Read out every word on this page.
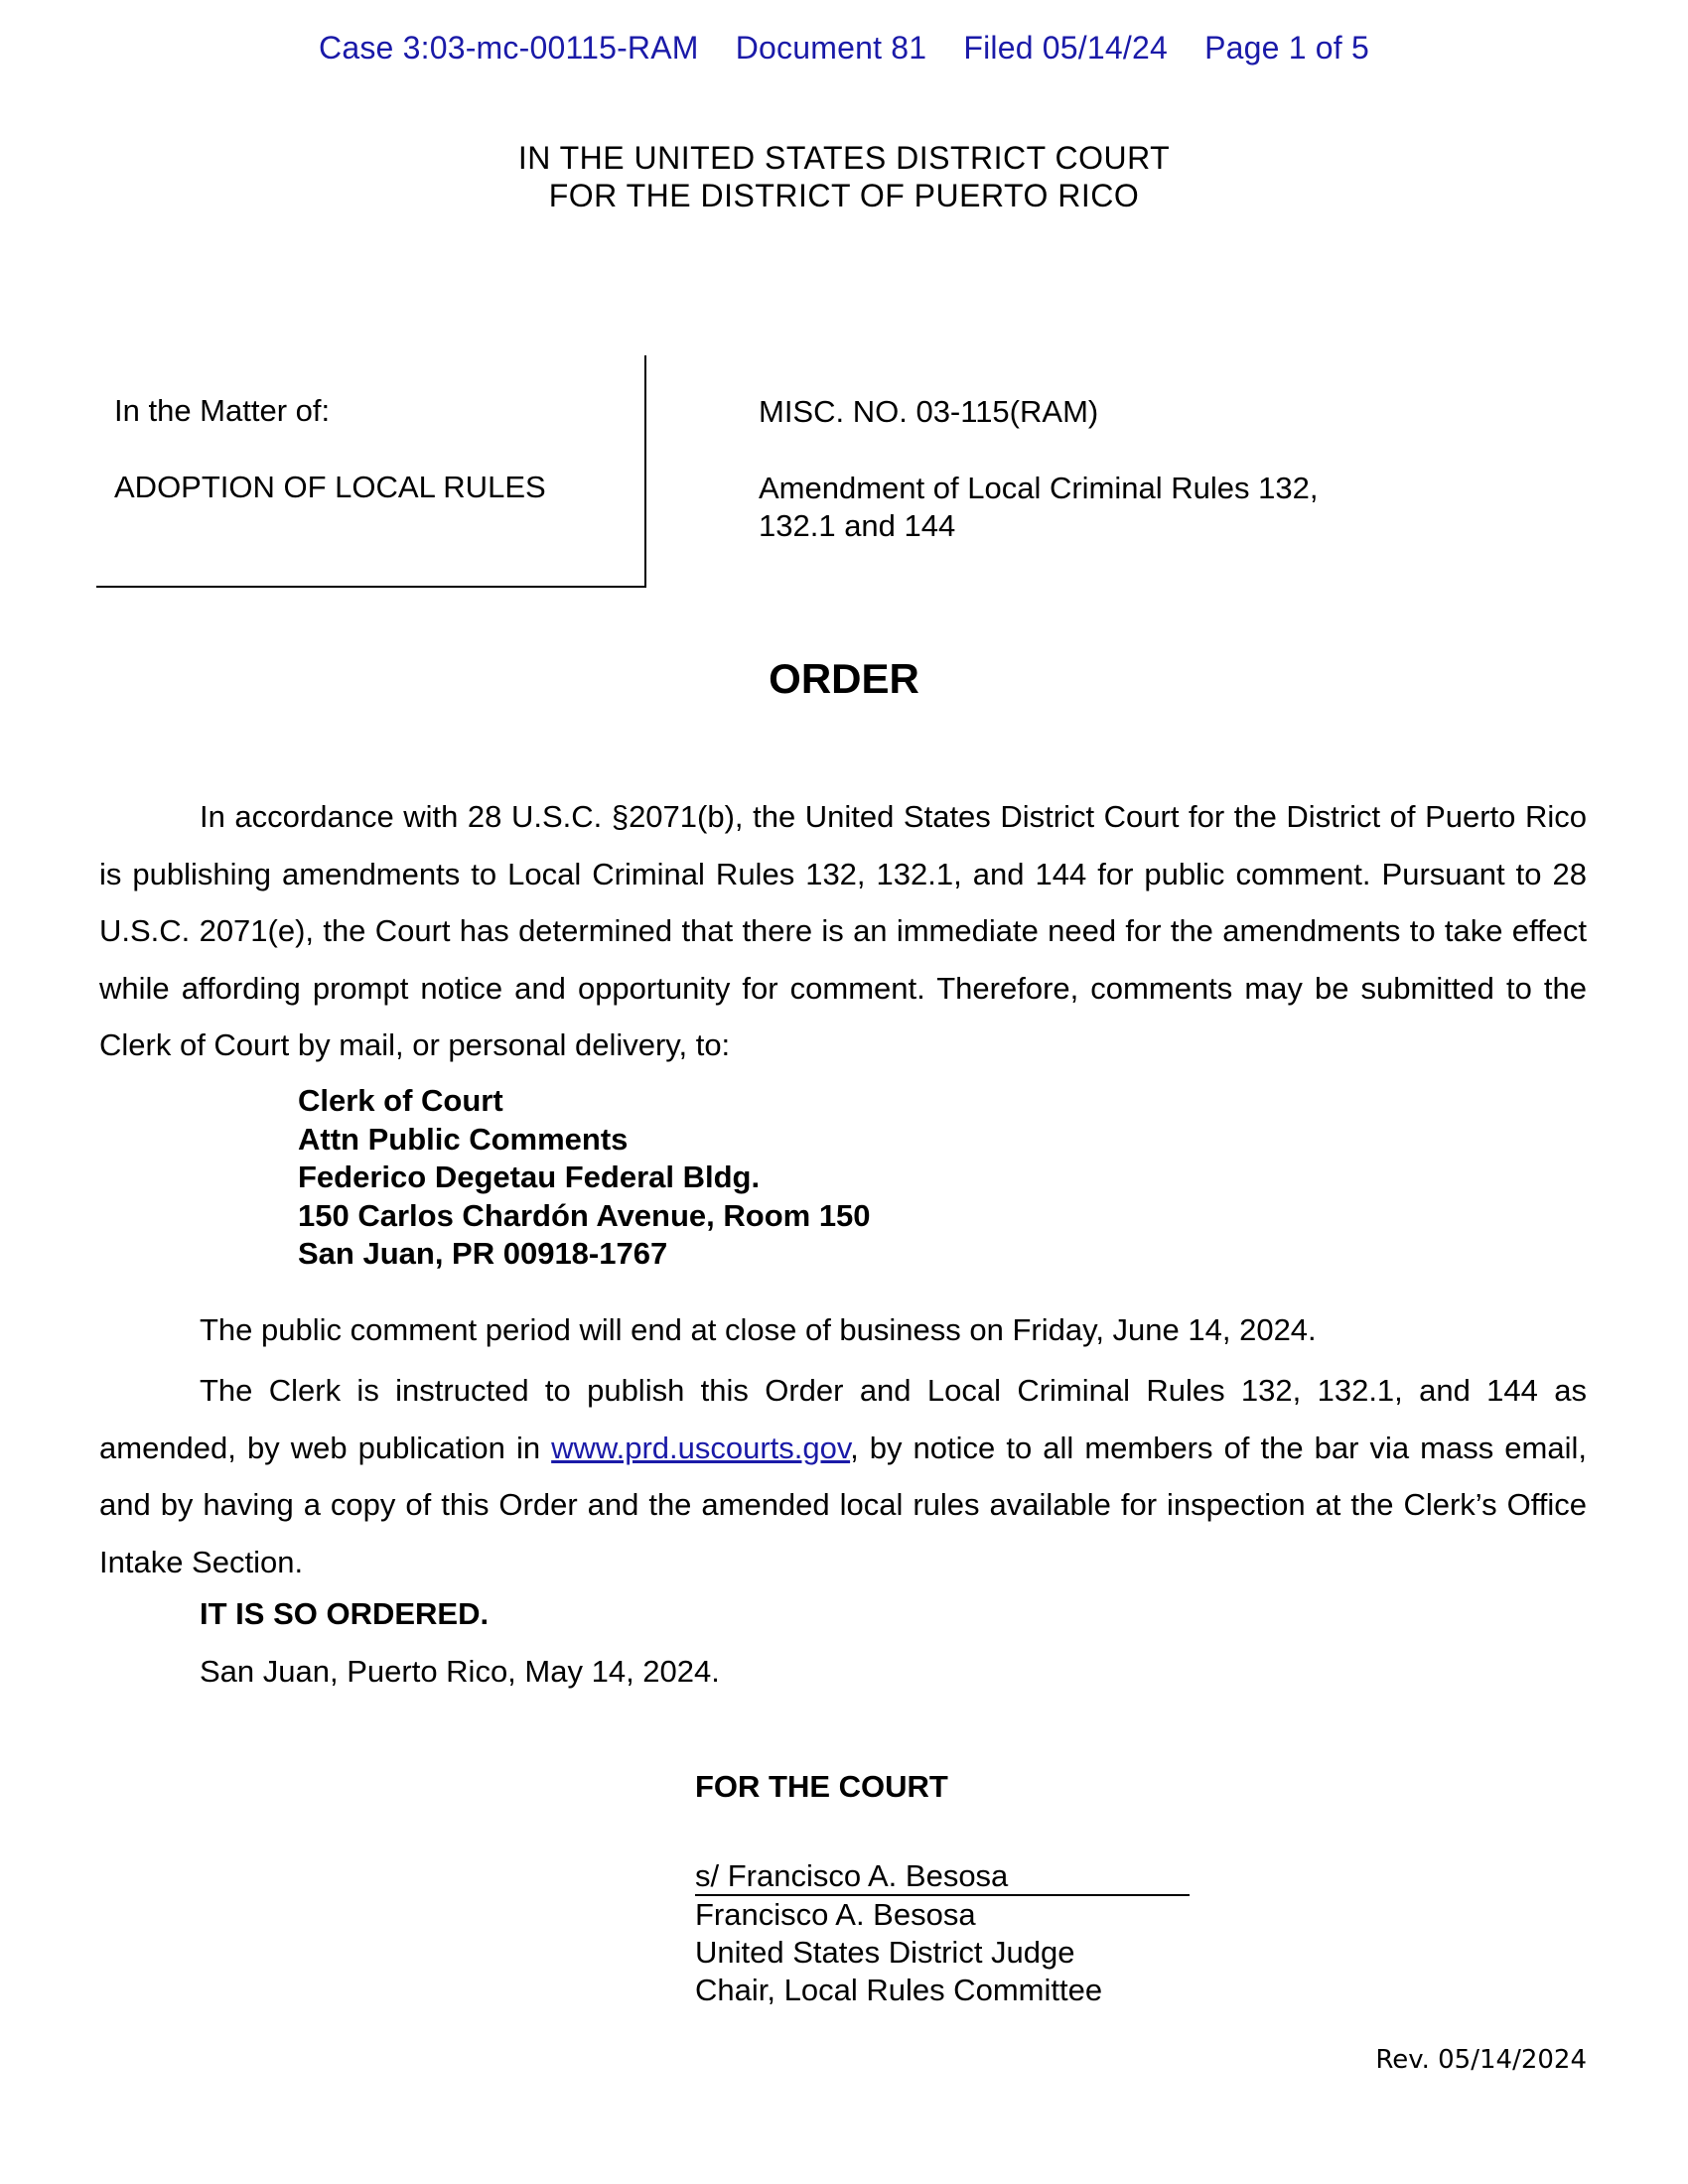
Case 3:03-mc-00115-RAM Document 81 Filed 05/14/24 Page 1 of 5
IN THE UNITED STATES DISTRICT COURT
FOR THE DISTRICT OF PUERTO RICO
In the Matter of:
ADOPTION OF LOCAL RULES
MISC. NO. 03-115(RAM)
Amendment of Local Criminal Rules 132,
132.1 and 144
ORDER
In accordance with 28 U.S.C. §2071(b), the United States District Court for the District of Puerto Rico is publishing amendments to Local Criminal Rules 132, 132.1, and 144 for public comment. Pursuant to 28 U.S.C. 2071(e), the Court has determined that there is an immediate need for the amendments to take effect while affording prompt notice and opportunity for comment. Therefore, comments may be submitted to the Clerk of Court by mail, or personal delivery, to:
Clerk of Court
Attn Public Comments
Federico Degetau Federal Bldg.
150 Carlos Chardón Avenue, Room 150
San Juan, PR 00918-1767
The public comment period will end at close of business on Friday, June 14, 2024.
The Clerk is instructed to publish this Order and Local Criminal Rules 132, 132.1, and 144 as amended, by web publication in www.prd.uscourts.gov, by notice to all members of the bar via mass email, and by having a copy of this Order and the amended local rules available for inspection at the Clerk’s Office Intake Section.
IT IS SO ORDERED.
San Juan, Puerto Rico, May 14, 2024.
FOR THE COURT
s/ Francisco A. Besosa
Francisco A. Besosa
United States District Judge
Chair, Local Rules Committee
Rev. 05/14/2024
